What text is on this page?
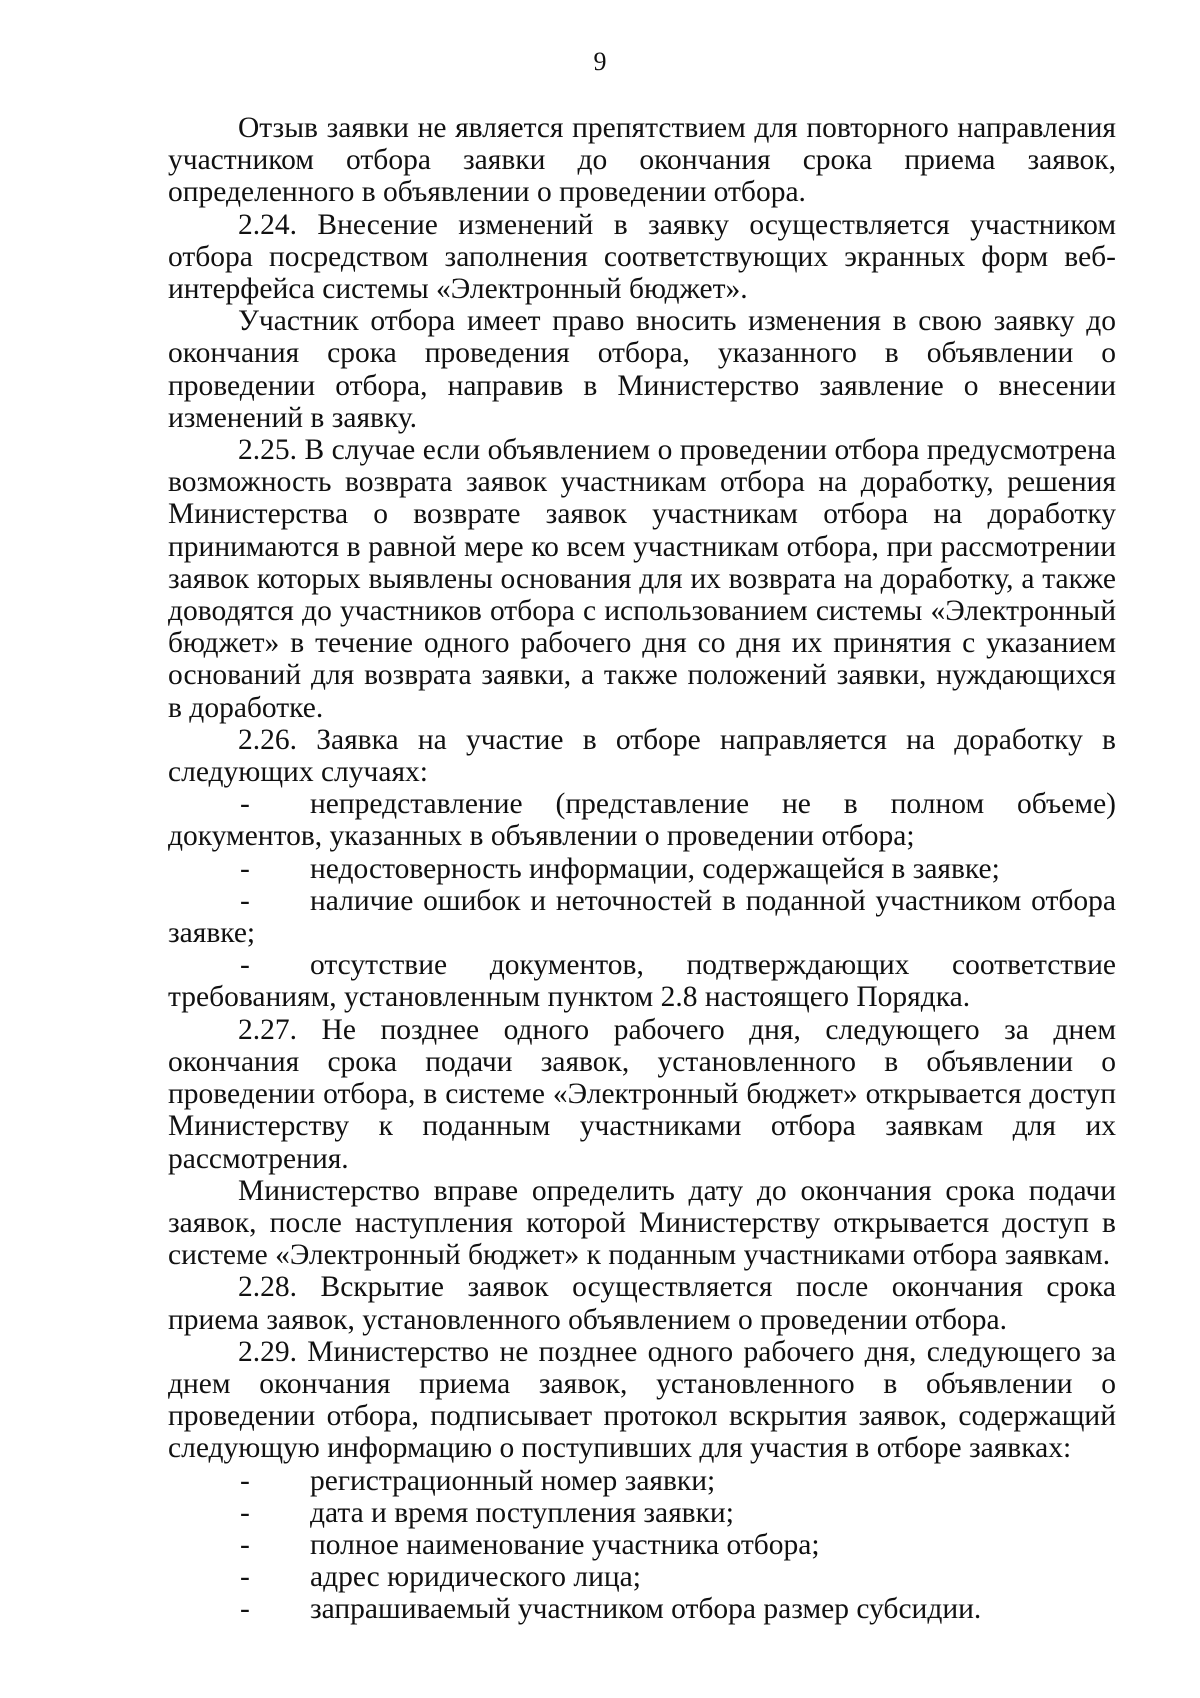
9

Отзыв заявки не является препятствием для повторного направления участником отбора заявки до окончания срока приема заявок, определенного в объявлении о проведении отбора.

2.24. Внесение изменений в заявку осуществляется участником отбора посредством заполнения соответствующих экранных форм веб-интерфейса системы «Электронный бюджет».

Участник отбора имеет право вносить изменения в свою заявку до окончания срока проведения отбора, указанного в объявлении о проведении отбора, направив в Министерство заявление о внесении изменений в заявку.

2.25. В случае если объявлением о проведении отбора предусмотрена возможность возврата заявок участникам отбора на доработку, решения Министерства о возврате заявок участникам отбора на доработку принимаются в равной мере ко всем участникам отбора, при рассмотрении заявок которых выявлены основания для их возврата на доработку, а также доводятся до участников отбора с использованием системы «Электронный бюджет» в течение одного рабочего дня со дня их принятия с указанием оснований для возврата заявки, а также положений заявки, нуждающихся в доработке.

2.26. Заявка на участие в отборе направляется на доработку в следующих случаях:

- непредставление (представление не в полном объеме) документов, указанных в объявлении о проведении отбора;

-	недостоверность информации, содержащейся в заявке;

- наличие ошибок и неточностей в поданной участником отбора заявке;

- отсутствие документов, подтверждающих соответствие требованиям, установленным пунктом 2.8 настоящего Порядка.

2.27. Не позднее одного рабочего дня, следующего за днем окончания срока подачи заявок, установленного в объявлении о проведении отбора, в системе «Электронный бюджет» открывается доступ Министерству к поданным участниками отбора заявкам для их рассмотрения.

Министерство вправе определить дату до окончания срока подачи заявок, после наступления которой Министерству открывается доступ в системе «Электронный бюджет» к поданным участниками отбора заявкам.

2.28. Вскрытие заявок осуществляется после окончания срока приема заявок, установленного объявлением о проведении отбора.

2.29. Министерство не позднее одного рабочего дня, следующего за днем окончания приема заявок, установленного в объявлении о проведении отбора, подписывает протокол вскрытия заявок, содержащий следующую информацию о поступивших для участия в отборе заявках:

-	регистрационный номер заявки;

-	дата и время поступления заявки;

-	полное наименование участника отбора;

-	адрес юридического лица;

-	запрашиваемый участником отбора размер субсидии.
